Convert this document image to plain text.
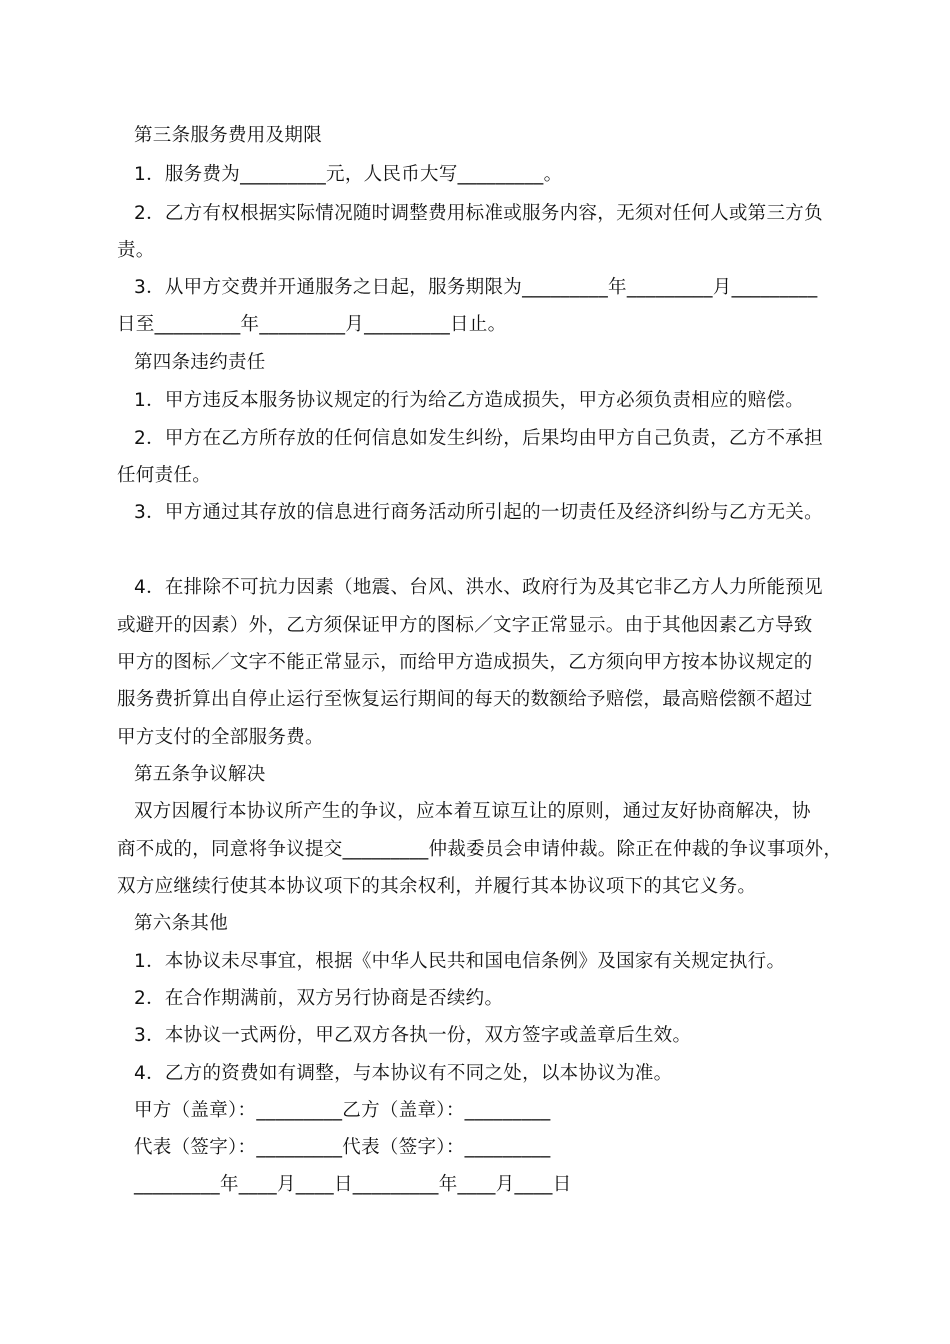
第三条服务费用及期限
1．服务费为_________元，人民币大写_________。
2．乙方有权根据实际情况随时调整费用标准或服务内容，无须对任何人或第三方负
责。
3．从甲方交费并开通服务之日起，服务期限为_________年_________月_________
日至_________年_________月_________日止。
第四条违约责任
1．甲方违反本服务协议规定的行为给乙方造成损失，甲方必须负责相应的赔偿。
2．甲方在乙方所存放的任何信息如发生纠纷，后果均由甲方自己负责，乙方不承担
任何责任。
3．甲方通过其存放的信息进行商务活动所引起的一切责任及经济纠纷与乙方无关。
4．在排除不可抗力因素（地震、台风、洪水、政府行为及其它非乙方人力所能预见
或避开的因素）外，乙方须保证甲方的图标／文字正常显示。由于其他因素乙方导致
甲方的图标／文字不能正常显示，而给甲方造成损失，乙方须向甲方按本协议规定的
服务费折算出自停止运行至恢复运行期间的每天的数额给予赔偿，最高赔偿额不超过
甲方支付的全部服务费。
第五条争议解决
双方因履行本协议所产生的争议，应本着互谅互让的原则，通过友好协商解决，协
商不成的，同意将争议提交_________仲裁委员会申请仲裁。除正在仲裁的争议事项外，
双方应继续行使其本协议项下的其余权利，并履行其本协议项下的其它义务。
第六条其他
1．本协议未尽事宜，根据《中华人民共和国电信条例》及国家有关规定执行。
2．在合作期满前，双方另行协商是否续约。
3．本协议一式两份，甲乙双方各执一份，双方签字或盖章后生效。
4．乙方的资费如有调整，与本协议有不同之处，以本协议为准。
甲方（盖章）：_________乙方（盖章）：_________
代表（签字）：_________代表（签字）：_________
_________年____月____日_________年____月____日
